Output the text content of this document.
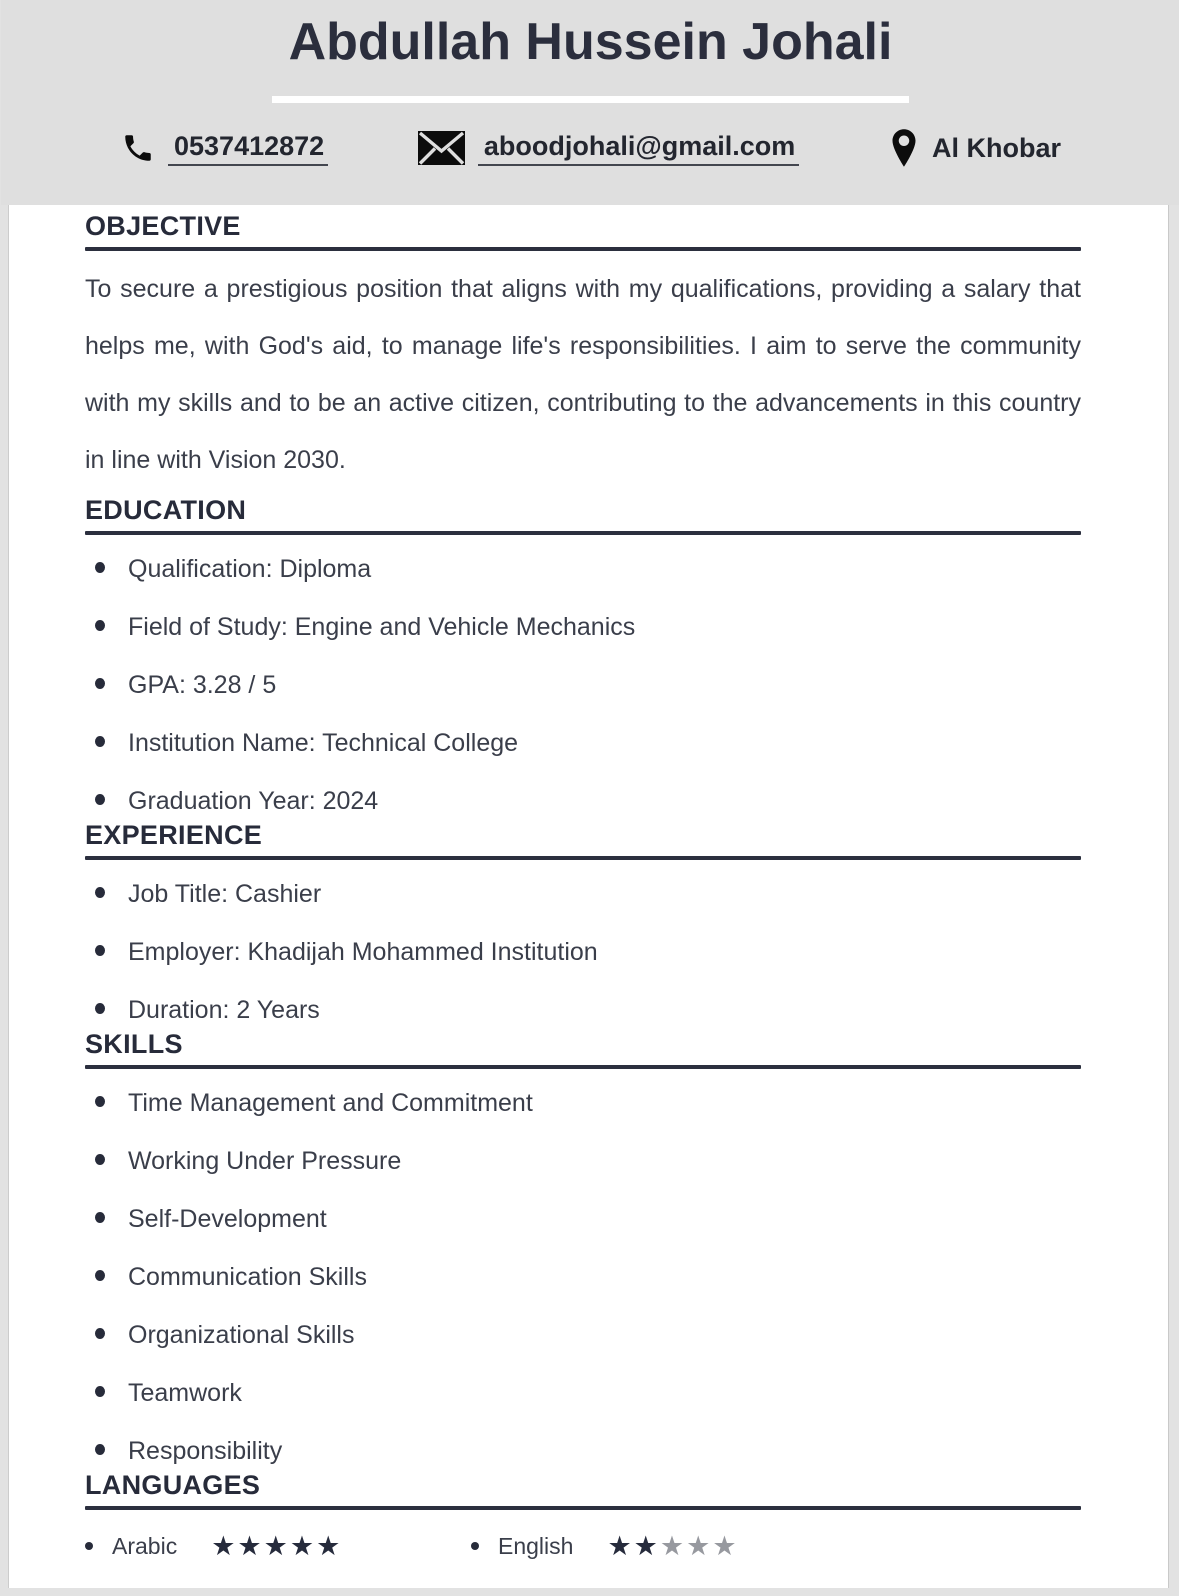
Abdullah Hussein Johali
0537412872	aboodjohali@gmail.com	Al Khobar
OBJECTIVE

To secure a prestigious position that aligns with my qualifications, providing a salary that helps me, with God's aid, to manage life's responsibilities. I aim to serve the community with my skills and to be an active citizen, contributing to the advancements in this country in line with Vision 2030.

EDUCATION
Qualification: Diploma
Field of Study: Engine and Vehicle Mechanics
GPA: 3.28 / 5
Institution Name: Technical College
Graduation Year: 2024
EXPERIENCE
Job Title: Cashier
Employer: Khadijah Mohammed Institution
Duration: 2 Years
SKILLS
Time Management and Commitment
Working Under Pressure
Self-Development
Communication Skills
Organizational Skills
Teamwork
Responsibility
LANGUAGES
Arabic ★★★★★	English ★★★★★
